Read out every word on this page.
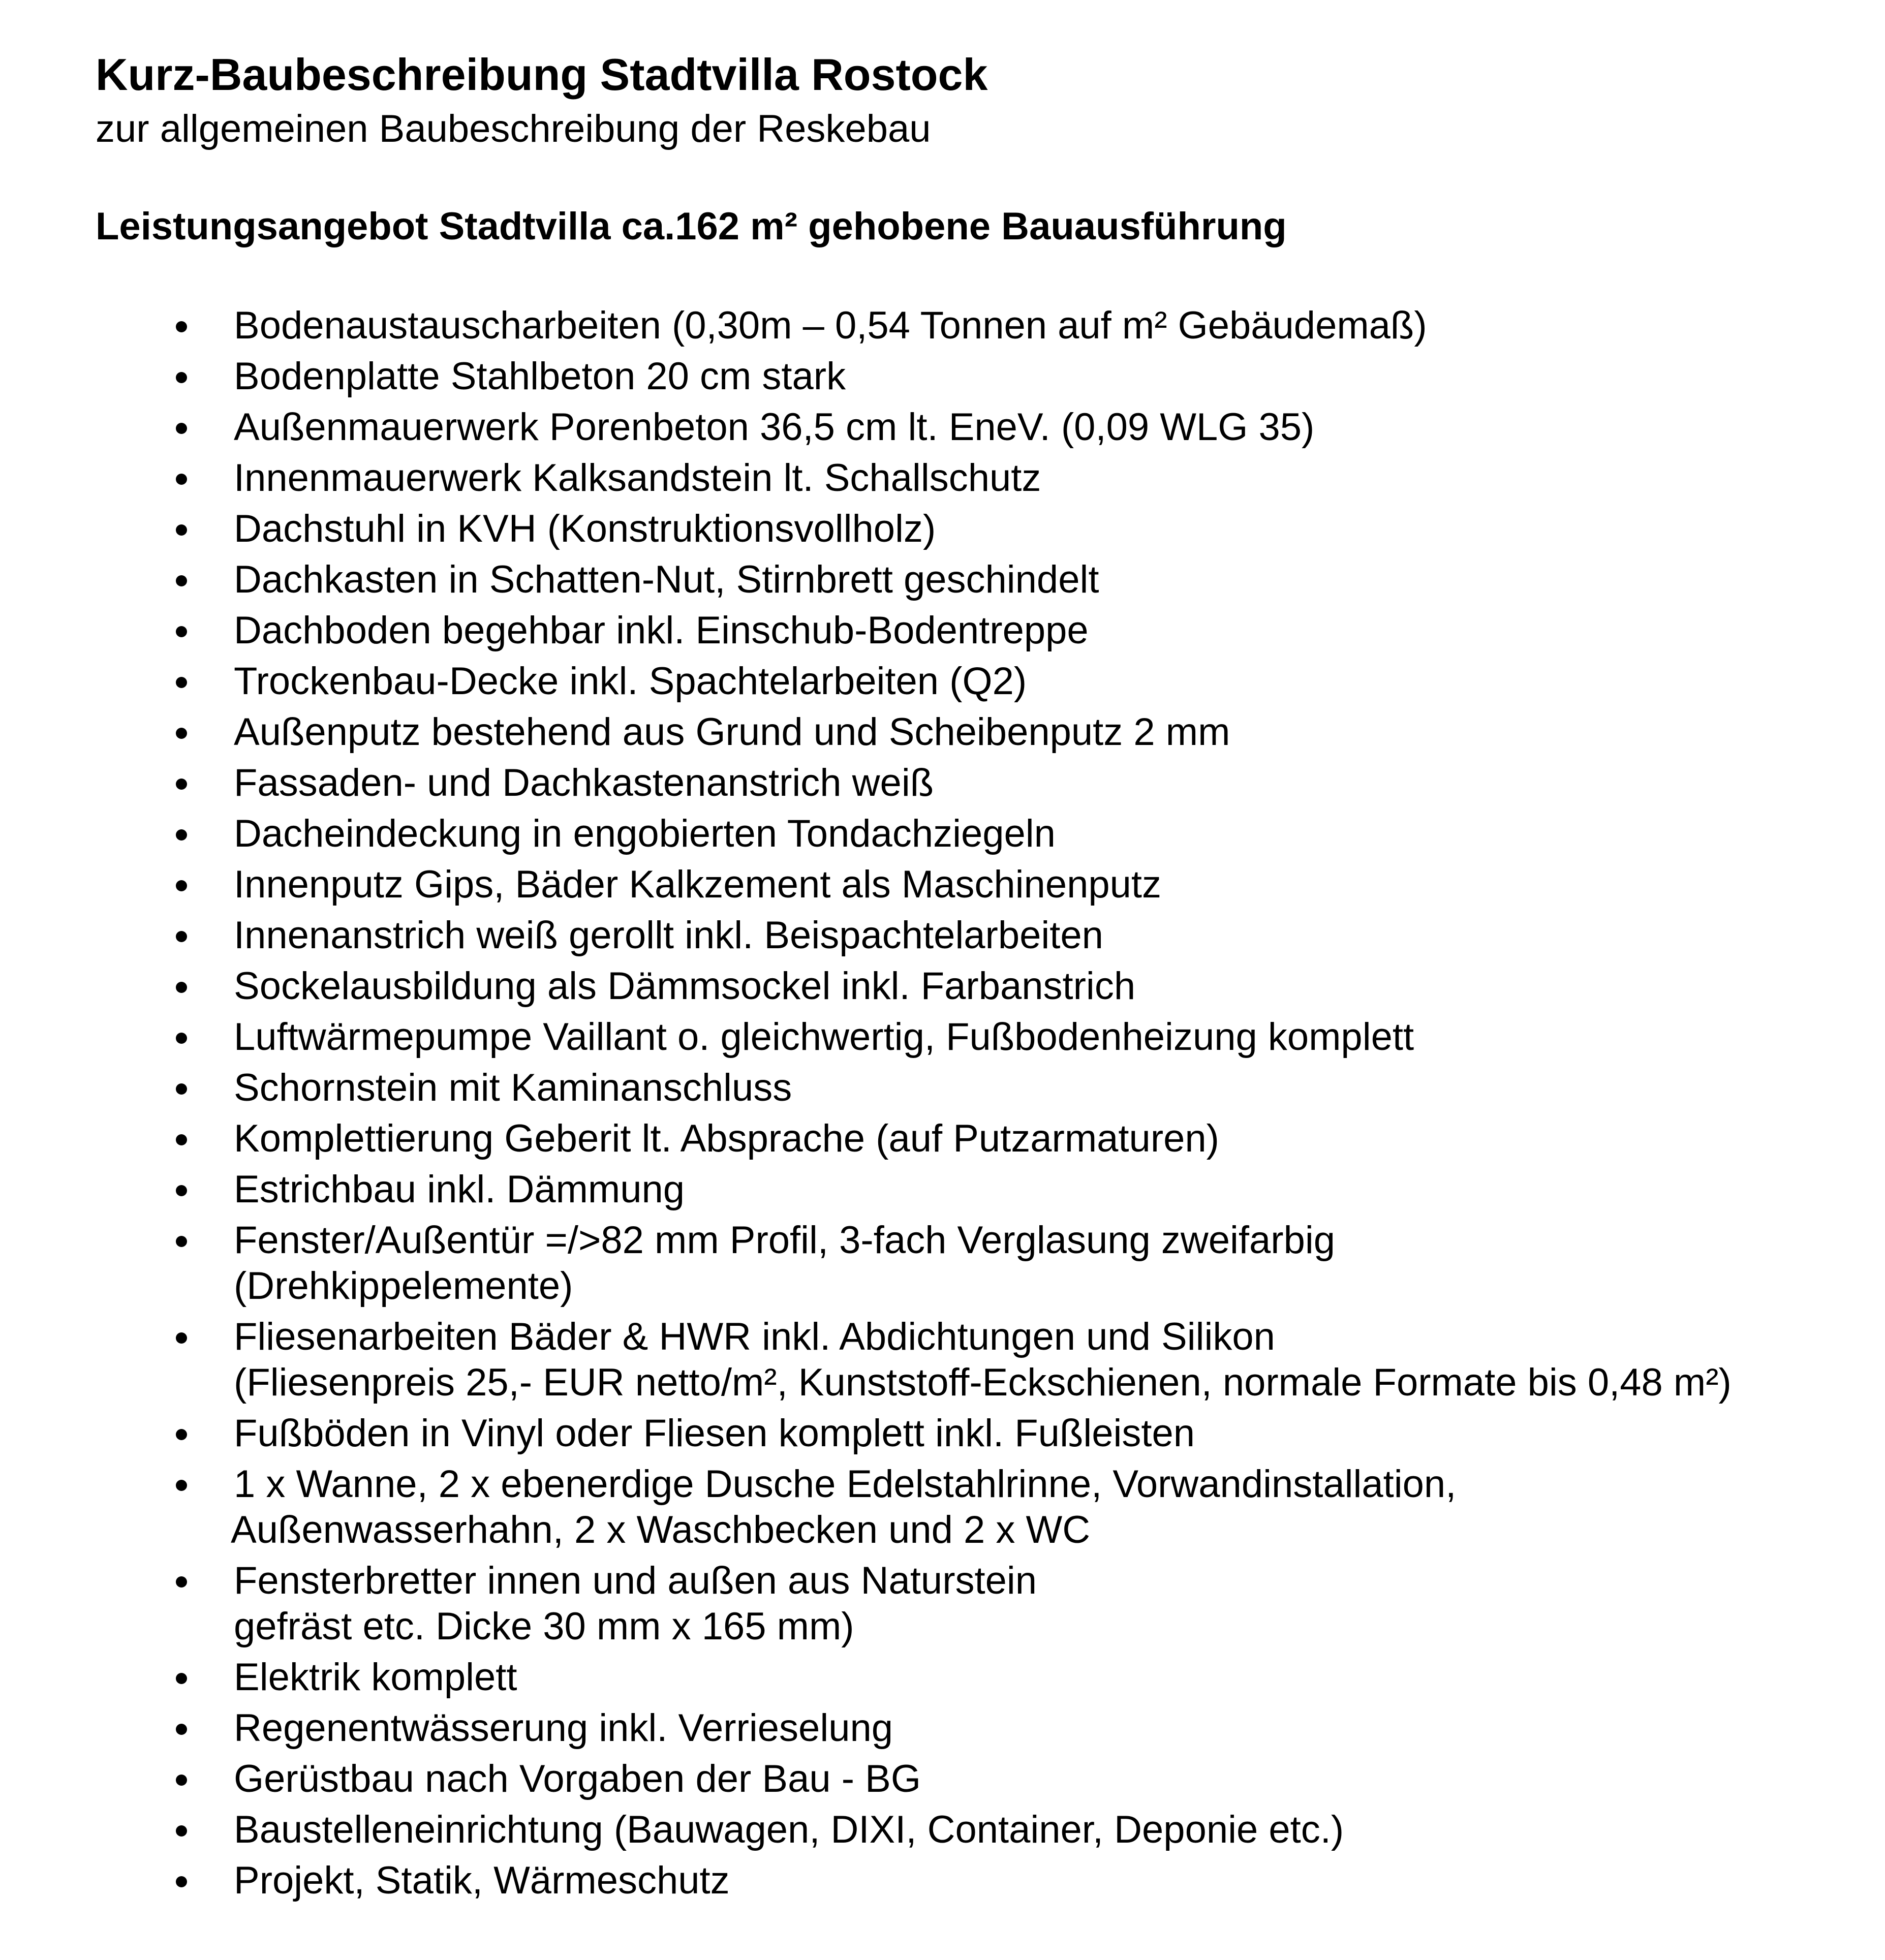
Kurz-Baubeschreibung Stadtvilla Rostock
zur allgemeinen Baubeschreibung der Reskebau
Leistungsangebot Stadtvilla ca.162 m² gehobene Bauausführung
Bodenaustauscharbeiten (0,30m – 0,54 Tonnen auf m² Gebäudemaß)
Bodenplatte Stahlbeton 20 cm stark
Außenmauerwerk Porenbeton 36,5 cm lt. EneV. (0,09 WLG 35)
Innenmauerwerk Kalksandstein lt. Schallschutz
Dachstuhl in KVH (Konstruktionsvollholz)
Dachkasten in Schatten-Nut, Stirnbrett geschindelt
Dachboden begehbar inkl. Einschub-Bodentreppe
Trockenbau-Decke inkl. Spachtelarbeiten (Q2)
Außenputz bestehend aus Grund und Scheibenputz 2 mm
Fassaden- und Dachkastenanstrich weiß
Dacheindeckung in engobierten Tondachziegeln
Innenputz Gips, Bäder Kalkzement als Maschinenputz
Innenanstrich weiß gerollt inkl. Beispachtelarbeiten
Sockelausbildung als Dämmsockel inkl. Farbanstrich
Luftwärmepumpe Vaillant o. gleichwertig, Fußbodenheizung komplett
Schornstein mit Kaminanschluss
Komplettierung Geberit lt. Absprache (auf Putzarmaturen)
Estrichbau inkl. Dämmung
Fenster/Außentür =/>82 mm Profil, 3-fach Verglasung zweifarbig
(Drehkippelemente)
Fliesenarbeiten Bäder & HWR inkl. Abdichtungen und Silikon
(Fliesenpreis 25,- EUR netto/m², Kunststoff-Eckschienen, normale Formate bis 0,48 m²)
Fußböden in Vinyl oder Fliesen komplett inkl. Fußleisten
1 x Wanne, 2 x ebenerdige Dusche Edelstahlrinne, Vorwandinstallation,
Außenwasserhahn, 2 x Waschbecken und 2 x WC
Fensterbretter innen und außen aus Naturstein
gefräst etc. Dicke 30 mm x 165 mm)
Elektrik komplett
Regenentwässerung inkl. Verrieselung
Gerüstbau nach Vorgaben der Bau - BG
Baustelleneinrichtung (Bauwagen, DIXI, Container, Deponie etc.)
Projekt, Statik, Wärmeschutz
